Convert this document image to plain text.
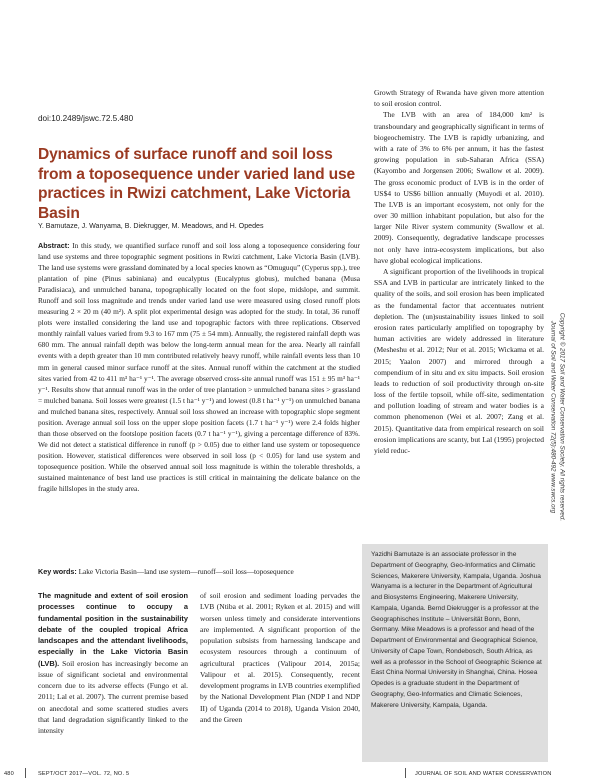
doi:10.2489/jswc.72.5.480
Dynamics of surface runoff and soil loss from a toposequence under varied land use practices in Rwizi catchment, Lake Victoria Basin
Y. Bamutaze, J. Wanyama, B. Diekrugger, M. Meadows, and H. Opedes
Abstract: In this study, we quantified surface runoff and soil loss along a toposequence considering four land use systems and three topographic segment positions in Rwizi catchment, Lake Victoria Basin (LVB). The land use systems were grassland dominated by a local species known as “Omuguqu” (Cyperus spp.), tree plantation of pine (Pinus sabiniana) and eucalyptus (Eucalyptus globus), mulched banana (Musa Paradisiaca), and unmulched banana, topographically located on the foot slope, midslope, and summit. Runoff and soil loss magnitude and trends under varied land use were measured using closed runoff plots measuring 2 × 20 m (40 m²). A split plot experimental design was adopted for the study. In total, 36 runoff plots were installed considering the land use and topographic factors with three replications. Observed monthly rainfall values varied from 9.3 to 167 mm (75 ± 54 mm). Annually, the registered rainfall depth was 680 mm. The annual rainfall depth was below the long-term annual mean for the area. Nearly all rainfall events with a depth greater than 10 mm contributed relatively heavy runoff, while rainfall events less than 10 mm in general caused minor surface runoff at the sites. Annual runoff within the catchment at the studied sites varied from 42 to 411 m³ ha⁻¹ y⁻¹. The average observed cross-site annual runoff was 151 ± 95 m³ ha⁻¹ y⁻¹. Results show that annual runoff was in the order of tree plantation > unmulched banana sites > grassland = mulched banana. Soil losses were greatest (1.5 t ha⁻¹ y⁻¹) and lowest (0.8 t ha⁻¹ y⁻¹) on unmulched banana and mulched banana sites, respectively. Annual soil loss showed an increase with topographic slope segment position. Average annual soil loss on the upper slope position facets (1.7 t ha⁻¹ y⁻¹) were 2.4 folds higher than those observed on the footslope position facets (0.7 t ha⁻¹ y⁻¹), giving a percentage difference of 83%. We did not detect a statistical difference in runoff (p > 0.05) due to either land use system or toposequence position. However, statistical differences were observed in soil loss (p < 0.05) for land use system and toposequence position. While the observed annual soil loss magnitude is within the tolerable thresholds, a sustained maintenance of best land use practices is still critical in maintaining the delicate balance on the fragile hillslopes in the study area.
Key words: Lake Victoria Basin—land use system—runoff—soil loss—toposequence
The magnitude and extent of soil erosion processes continue to occupy a fundamental position in the sustainability debate of the coupled tropical Africa landscapes and the attendant livelihoods, especially in the Lake Victoria Basin (LVB). Soil erosion has increasingly become an issue of significant societal and environmental concern due to its adverse effects (Fungo et al. 2011; Lal et al. 2007). The current premise based on anecdotal and some scattered studies avers that land degradation significantly linked to the intensity
of soil erosion and sediment loading pervades the LVB (Ntiba et al. 2001; Ryken et al. 2015) and will worsen unless timely and considerate interventions are implemented. A significant proportion of the population subsists from harnessing landscape and ecosystem resources through a continuum of agricultural practices (Valipour 2014, 2015a; Valipour et al. 2015). Consequently, recent development programs in LVB countries exemplified by the National Development Plan (NDP I and NDP II) of Uganda (2014 to 2018), Uganda Vision 2040, and the Green

Growth Strategy of Rwanda have given more attention to soil erosion control.

The LVB with an area of 184,000 km² is transboundary and geographically significant in terms of biogeochemistry. The LVB is rapidly urbanizing, and with a rate of 3% to 6% per annum, it has the fastest growing population in sub-Saharan Africa (SSA) (Kayombo and Jorgensen 2006; Swallow et al. 2009). The gross economic product of LVB is in the order of US$4 to US$6 billion annually (Muyodi et al. 2010). The LVB is an important ecosystem, not only for the over 30 million inhabitant population, but also for the larger Nile River system community (Swallow et al. 2009). Consequently, degradative landscape processes not only have intra-ecosystem implications, but also have global ecological implications.

A significant proportion of the livelihoods in tropical SSA and LVB in particular are intricately linked to the quality of the soils, and soil erosion has been implicated as the fundamental factor that accentuates nutrient depletion. The (un)sustainability issues linked to soil erosion rates particularly amplified on topography by human activities are widely addressed in literature (Mesheshu et al. 2012; Nur et al. 2015; Wickama et al. 2015; Yaalon 2007) and mirrored through a compendium of in situ and ex situ impacts. Soil erosion leads to reduction of soil productivity through on-site loss of the fertile topsoil, while off-site, sedimentation and pollution loading of stream and water bodies is a common phenomenon (Wei et al. 2007; Zang et al. 2015). Quantitative data from empirical research on soil erosion implications are scanty, but Lal (1995) projected yield reduc-

Yazidhi Bamutaze is an associate professor in the Department of Geography, Geo-Informatics and Climatic Sciences, Makerere University, Kampala, Uganda. Joshua Wanyama is a lecturer in the Department of Agricultural and Biosystems Engineering, Makerere University, Kampala, Uganda. Bernd Diekrugger is a professor at the Geographisches Institute – Universität Bonn, Bonn, Germany. Mike Meadows is a professor and head of the Department of Environmental and Geographical Science, University of Cape Town, Rondebosch, South Africa, as well as a professor in the School of Geographic Science at East China Normal University in Shanghai, China. Hosea Opedes is a graduate student in the Department of Geography, Geo-Informatics and Climatic Sciences, Makerere University, Kampala, Uganda.
Copyright © 2017 Soil and Water Conservation Society. All rights reserved.
Journal of Soil and Water Conservation 72(5):480-492 www.swcs.org
480	SEPT/OCT 2017—VOL. 72, NO. 5	JOURNAL OF SOIL AND WATER CONSERVATION
